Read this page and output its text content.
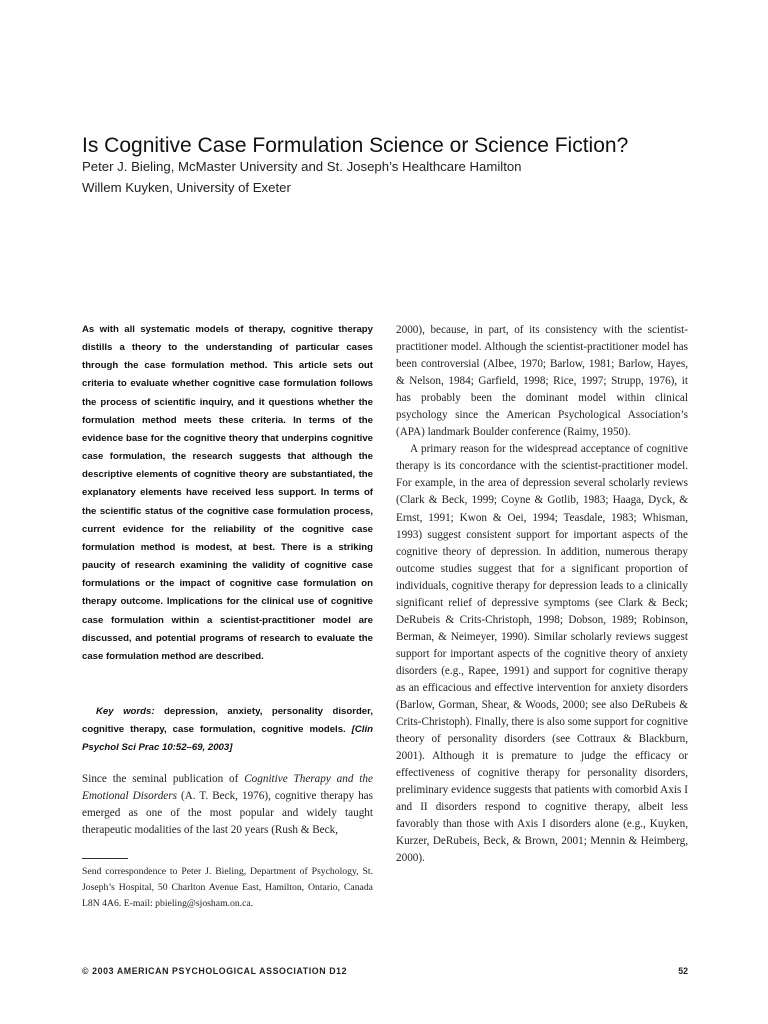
Is Cognitive Case Formulation Science or Science Fiction?
Peter J. Bieling, McMaster University and St. Joseph’s Healthcare Hamilton
Willem Kuyken, University of Exeter

As with all systematic models of therapy, cognitive therapy distills a theory to the understanding of particular cases through the case formulation method. This article sets out criteria to evaluate whether cognitive case formulation follows the process of scientific inquiry, and it questions whether the formulation method meets these criteria. In terms of the evidence base for the cognitive theory that underpins cognitive case formulation, the research suggests that although the descriptive elements of cognitive theory are substantiated, the explanatory elements have received less support. In terms of the scientific status of the cognitive case formulation process, current evidence for the reliability of the cognitive case formulation method is modest, at best. There is a striking paucity of research examining the validity of cognitive case formulations or the impact of cognitive case formulation on therapy outcome. Implications for the clinical use of cognitive case formulation within a scientist-practitioner model are discussed, and potential programs of research to evaluate the case formulation method are described.

Key words: depression, anxiety, personality disorder, cognitive therapy, case formulation, cognitive models. [Clin Psychol Sci Prac 10:52–69, 2003]

Since the seminal publication of Cognitive Therapy and the Emotional Disorders (A. T. Beck, 1976), cognitive therapy has emerged as one of the most popular and widely taught therapeutic modalities of the last 20 years (Rush & Beck,

Send correspondence to Peter J. Bieling, Department of Psychology, St. Joseph’s Hospital, 50 Charlton Avenue East, Hamilton, Ontario, Canada L8N 4A6. E-mail: pbieling@sjosham.on.ca.

2000), because, in part, of its consistency with the scientist-practitioner model. Although the scientist-practitioner model has been controversial (Albee, 1970; Barlow, 1981; Barlow, Hayes, & Nelson, 1984; Garfield, 1998; Rice, 1997; Strupp, 1976), it has probably been the dominant model within clinical psychology since the American Psychological Association’s (APA) landmark Boulder conference (Raimy, 1950).

A primary reason for the widespread acceptance of cognitive therapy is its concordance with the scientist-practitioner model. For example, in the area of depression several scholarly reviews (Clark & Beck, 1999; Coyne & Gotlib, 1983; Haaga, Dyck, & Ernst, 1991; Kwon & Oei, 1994; Teasdale, 1983; Whisman, 1993) suggest consistent support for important aspects of the cognitive theory of depression. In addition, numerous therapy outcome studies suggest that for a significant proportion of individuals, cognitive therapy for depression leads to a clinically significant relief of depressive symptoms (see Clark & Beck; DeRubeis & Crits-Christoph, 1998; Dobson, 1989; Robinson, Berman, & Neimeyer, 1990). Similar scholarly reviews suggest support for important aspects of the cognitive theory of anxiety disorders (e.g., Rapee, 1991) and support for cognitive therapy as an efficacious and effective intervention for anxiety disorders (Barlow, Gorman, Shear, & Woods, 2000; see also DeRubeis & Crits-Christoph). Finally, there is also some support for cognitive theory of personality disorders (see Cottraux & Blackburn, 2001). Although it is premature to judge the efficacy or effectiveness of cognitive therapy for personality disorders, preliminary evidence suggests that patients with comorbid Axis I and II disorders respond to cognitive therapy, albeit less favorably than those with Axis I disorders alone (e.g., Kuyken, Kurzer, DeRubeis, Beck, & Brown, 2001; Mennin & Heimberg, 2000).

© 2003 AMERICAN PSYCHOLOGICAL ASSOCIATION D12	52
